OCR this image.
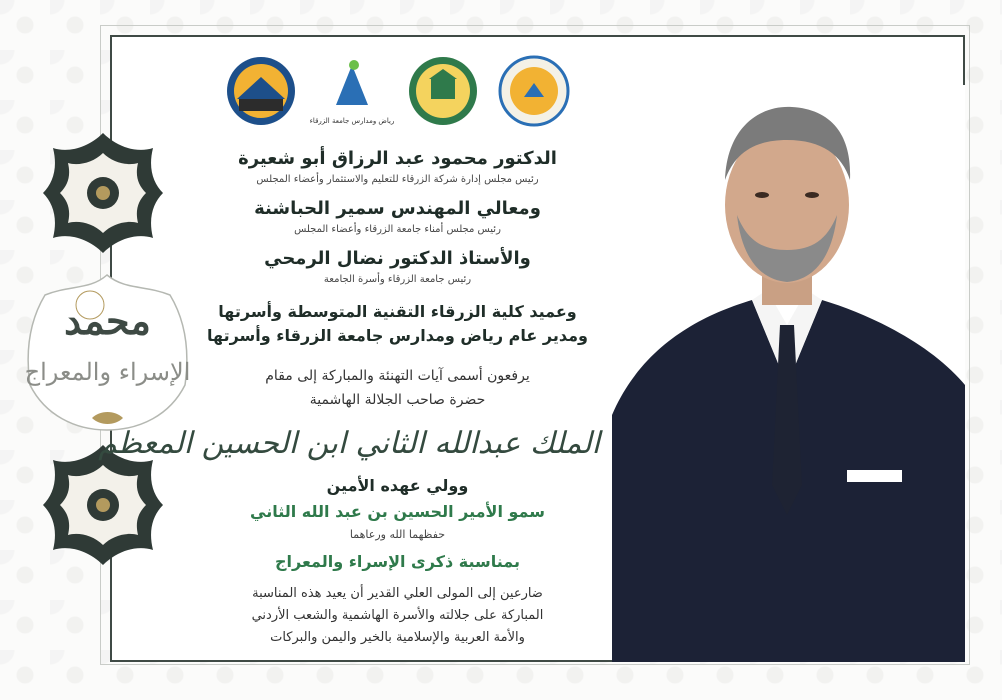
محمد
الإسراء والمعراج
رياض ومدارس جامعة الزرقاء
الدكتور محمود عبد الرزاق أبو شعيرة
رئيس مجلس إدارة شركة الزرقاء للتعليم والاستثمار وأعضاء المجلس
ومعالي المهندس سمير الحباشنة
رئيس مجلس أمناء جامعة الزرقاء وأعضاء المجلس
والأستاذ الدكتور نضال الرمحي
رئيس جامعة الزرقاء وأسرة الجامعة
وعميد كلية الزرقاء التقنية المتوسطة وأسرتها
ومدير عام رياض ومدارس جامعة الزرقاء وأسرتها
يرفعون أسمى آيات التهنئة والمباركة إلى مقام
حضرة صاحب الجلالة الهاشمية
الملك عبدالله الثاني ابن الحسين المعظم
وولي عهده الأمين
سمو الأمير الحسين بن عبد الله الثاني
حفظهما الله ورعاهما
بمناسبة ذكرى الإسراء والمعراج
ضارعين إلى المولى العلي القدير أن يعيد هذه المناسبة
المباركة على جلالته والأسرة الهاشمية والشعب الأردني
والأمة العربية والإسلامية بالخير واليمن والبركات
